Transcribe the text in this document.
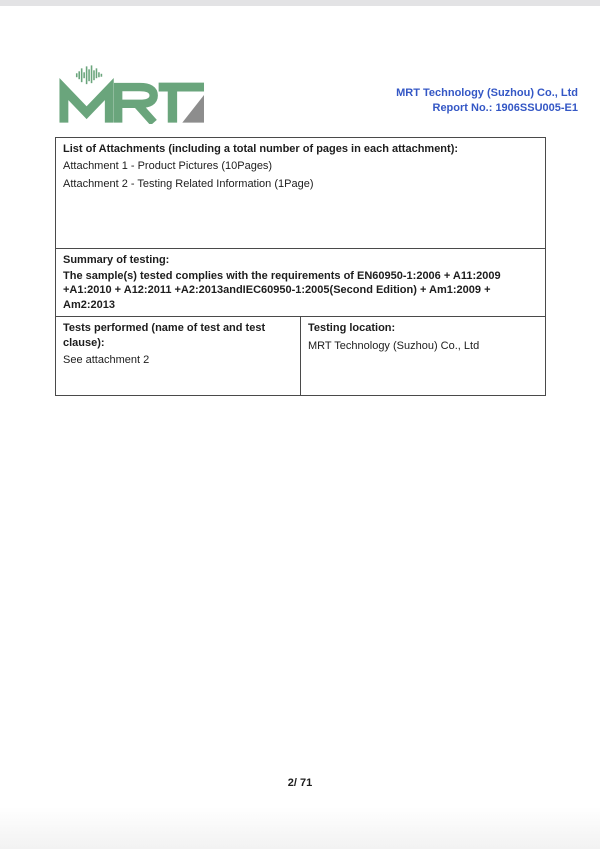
MRT Technology (Suzhou) Co., Ltd
Report No.: 1906SSU005-E1
List of Attachments (including a total number of pages in each attachment):
Attachment 1 - Product Pictures (10Pages)
Attachment 2 - Testing Related Information (1Page)

Summary of testing:
The sample(s) tested complies with the requirements of EN60950-1:2006 + A11:2009 +A1:2010 + A12:2011 +A2:2013andIEC60950-1:2005(Second Edition) + Am1:2009 + Am2:2013

Tests performed (name of test and test clause):
See attachment 2

Testing location:
MRT Technology (Suzhou) Co., Ltd
2/ 71
